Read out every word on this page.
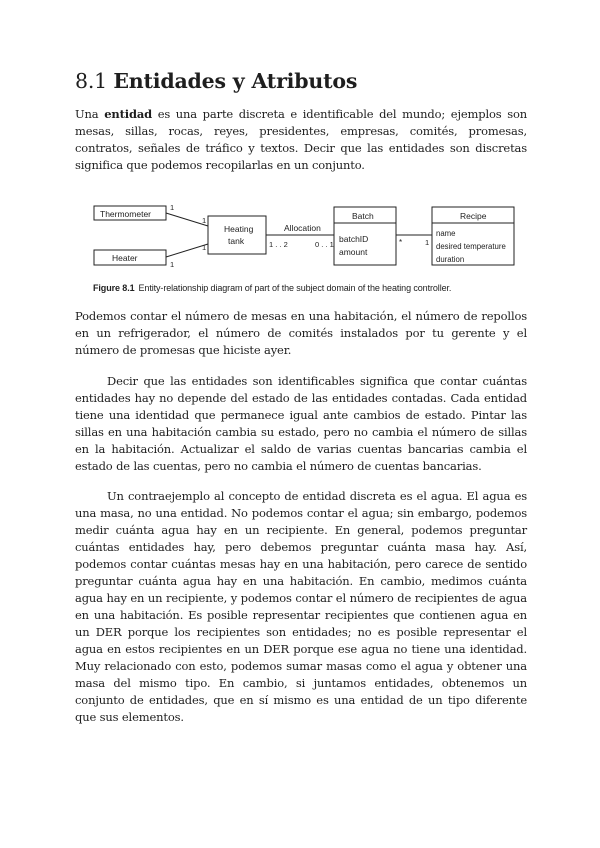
8.1 Entidades y Atributos

Una entidad es una parte discreta e identificable del mundo; ejemplos son mesas, sillas, rocas, reyes, presidentes, empresas, comités, promesas, contratos, señales de tráfico y textos. Decir que las entidades son discretas significa que podemos recopilarlas en un conjunto.

Thermometer
Heater
Heating
tank
1
1
1
1
Allocation
1 . . 2	0 . . 1
Batch
batchID
amount
*	1
Recipe
name
desired temperature
duration

Figure 8.1 Entity-relationship diagram of part of the subject domain of the heating controller.

Podemos contar el número de mesas en una habitación, el número de repollos en un refrigerador, el número de comités instalados por tu gerente y el número de promesas que hiciste ayer.

Decir que las entidades son identificables significa que contar cuántas entidades hay no depende del estado de las entidades contadas. Cada entidad tiene una identidad que permanece igual ante cambios de estado. Pintar las sillas en una habitación cambia su estado, pero no cambia el número de sillas en la habitación. Actualizar el saldo de varias cuentas bancarias cambia el estado de las cuentas, pero no cambia el número de cuentas bancarias.

Un contraejemplo al concepto de entidad discreta es el agua. El agua es una masa, no una entidad. No podemos contar el agua; sin embargo, podemos medir cuánta agua hay en un recipiente. En general, podemos preguntar cuántas entidades hay, pero debemos preguntar cuánta masa hay. Así, podemos contar cuántas mesas hay en una habitación, pero carece de sentido preguntar cuánta agua hay en una habitación. En cambio, medimos cuánta agua hay en un recipiente, y podemos contar el número de recipientes de agua en una habitación. Es posible representar recipientes que contienen agua en un DER porque los recipientes son entidades; no es posible representar el agua en estos recipientes en un DER porque ese agua no tiene una identidad. Muy relacionado con esto, podemos sumar masas como el agua y obtener una masa del mismo tipo. En cambio, si juntamos entidades, obtenemos un conjunto de entidades, que en sí mismo es una entidad de un tipo diferente que sus elementos.
